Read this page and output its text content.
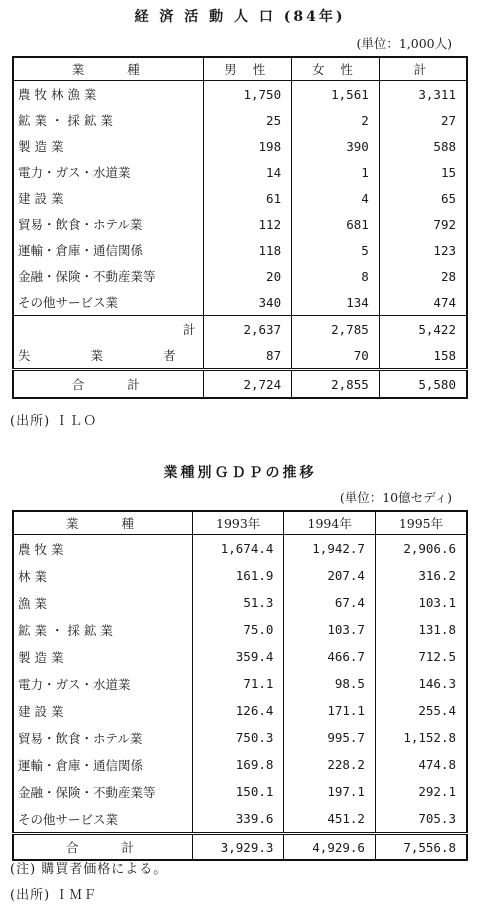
経 済 活 動 人 口 (84年)
(単位：1,000人)
業　　種	男 性	女 性	計
農 牧 林 漁 業	1,750	1,561	3,311
鉱 業 ・ 採 鉱 業	25	2	27
製 造 業	198	390	588
電力・ガス・水道業	14	1	15
建 設 業	61	4	65
貿易・飲食・ホテル業	112	681	792
運輸・倉庫・通信関係	118	5	123
金融・保険・不動産業等	20	8	28
その他サービス業	340	134	474

計	2,637	2,785	5,422
失 業 者	87	70	158
合　　計	2,724	2,855	5,580
(出所) ＩＬＯ
業種別ＧＤＰの推移
(単位：10億セディ)
業　　種	1993年	1994年	1995年
農 牧 業	1,674.4	1,942.7	2,906.6
林 業	161.9	207.4	316.2
漁 業	51.3	67.4	103.1
鉱 業 ・ 採 鉱 業	75.0	103.7	131.8
製 造 業	359.4	466.7	712.5
電力・ガス・水道業	71.1	98.5	146.3
建 設 業	126.4	171.1	255.4
貿易・飲食・ホテル業	750.3	995.7	1,152.8
運輸・倉庫・通信関係	169.8	228.2	474.8
金融・保険・不動産業等	150.1	197.1	292.1
その他サービス業	339.6	451.2	705.3
合　　計	3,929.3	4,929.6	7,556.8
(注) 購買者価格による。
(出所) ＩＭＦ
